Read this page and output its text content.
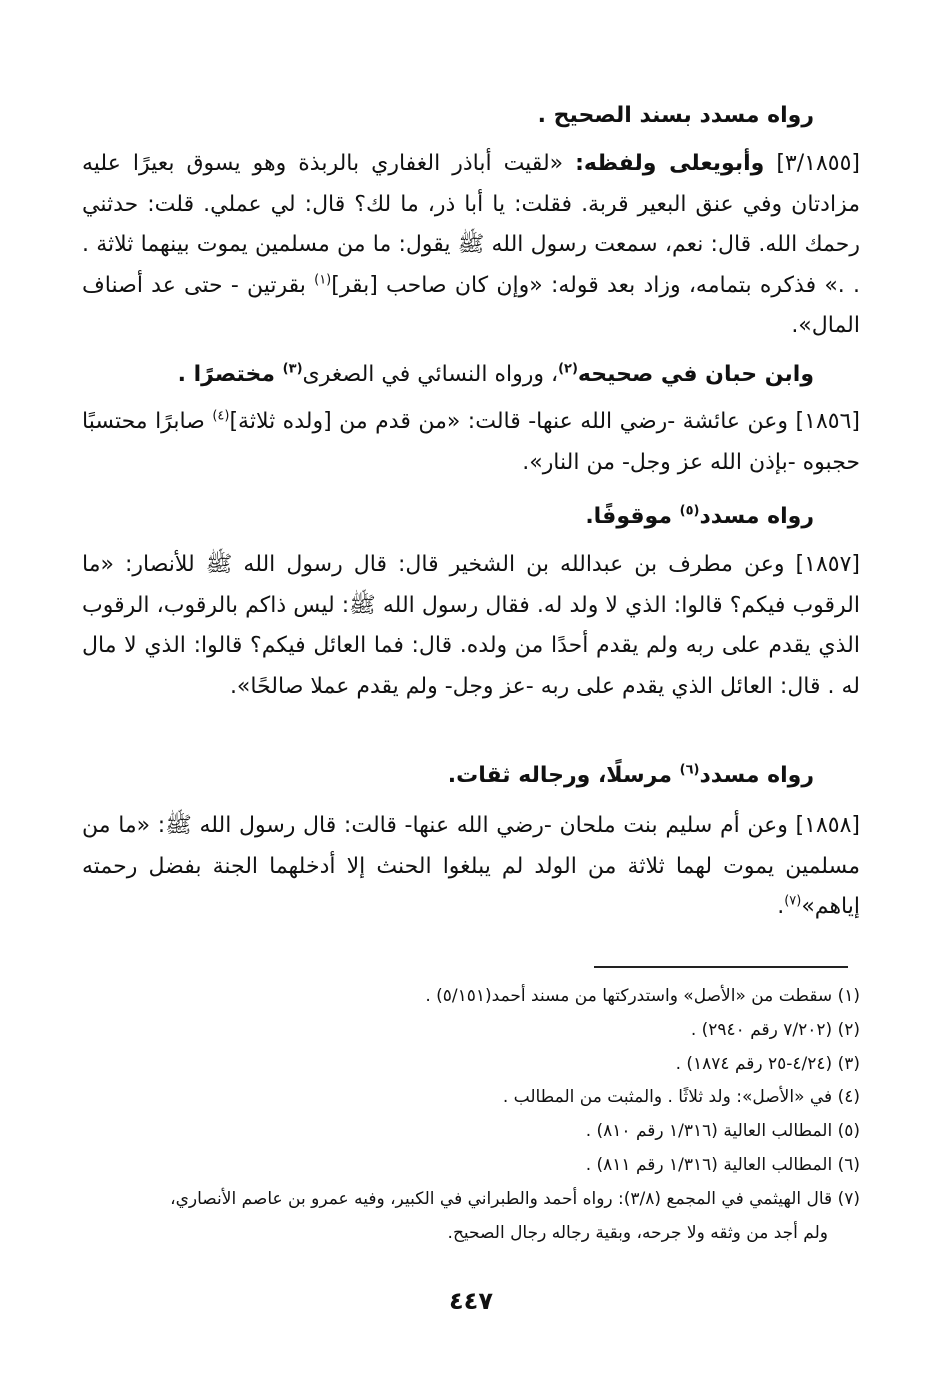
رواه مسدد بسند الصحيح .
[٣/١٨٥٥] وأبويعلى ولفظه: «لقيت أباذر الغفاري بالربذة وهو يسوق بعيرًا عليه مزادتان وفي عنق البعير قربة. فقلت: يا أبا ذر، ما لك؟ قال: لي عملي. قلت: حدثني رحمك الله. قال: نعم، سمعت رسول الله ﷺ يقول: ما من مسلمين يموت بينهما ثلاثة . . .» فذكره بتمامه، وزاد بعد قوله: «وإن كان صاحب [بقر]$^{(١)}$ بقرتين - حتى عد أصناف المال».
وابن حبان في صحيحه$^{(٢)}$، ورواه النسائي في الصغرى$^{(٣)}$ مختصرًا .
[١٨٥٦] وعن عائشة -رضي الله عنها- قالت: «من قدم من [ولده ثلاثة]$^{(٤)}$ صابرًا محتسبًا حجبوه -بإذن الله عز وجل- من النار».
رواه مسدد$^{(٥)}$ موقوفًا.
[١٨٥٧] وعن مطرف بن عبدالله بن الشخير قال: قال رسول الله ﷺ للأنصار: «ما الرقوب فيكم؟ قالوا: الذي لا ولد له. فقال رسول الله ﷺ: ليس ذاكم بالرقوب، الرقوب الذي يقدم على ربه ولم يقدم أحدًا من ولده. قال: فما العائل فيكم؟ قالوا: الذي لا مال له . قال: العائل الذي يقدم على ربه -عز وجل- ولم يقدم عملا صالحًا».
رواه مسدد$^{(٦)}$ مرسلًا، ورجاله ثقات.
[١٨٥٨] وعن أم سليم بنت ملحان -رضي الله عنها- قالت: قال رسول الله ﷺ: «ما من مسلمين يموت لهما ثلاثة من الولد لم يبلغوا الحنث إلا أدخلهما الجنة بفضل رحمته إياهم»$^{(٧)}$.
(١) سقطت من «الأصل» واستدركتها من مسند أحمد(٥/١٥١) .
(٢) (٧/٢٠٢ رقم ٢٩٤٠) .
(٣) (٤/٢٤-٢٥ رقم ١٨٧٤) .
(٤) في «الأصل»: ولد ثلاثًا . والمثبت من المطالب .
(٥) المطالب العالية (١/٣١٦ رقم ٨١٠) .
(٦) المطالب العالية (١/٣١٦ رقم ٨١١) .
(٧) قال الهيثمي في المجمع (٣/٨): رواه أحمد والطبراني في الكبير، وفيه عمرو بن عاصم الأنصاري،
ولم أجد من وثقه ولا جرحه، وبقية رجاله رجال الصحيح.
٤٤٧
